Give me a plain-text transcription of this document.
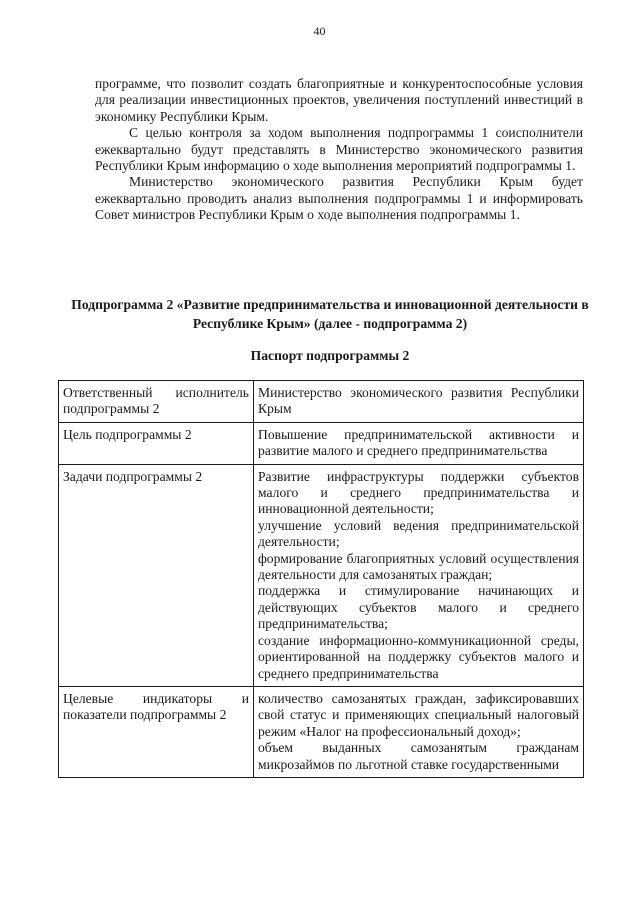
40

программе, что позволит создать благоприятные и конкурентоспособные условия для реализации инвестиционных проектов, увеличения поступлений инвестиций в экономику Республики Крым.

С целью контроля за ходом выполнения подпрограммы 1 соисполнители ежеквартально будут представлять в Министерство экономического развития Республики Крым информацию о ходе выполнения мероприятий подпрограммы 1.

Министерство экономического развития Республики Крым будет ежеквартально проводить анализ выполнения подпрограммы 1 и информировать Совет министров Республики Крым о ходе выполнения подпрограммы 1.

Подпрограмма 2 «Развитие предпринимательства и инновационной деятельности в Республике Крым» (далее - подпрограмма 2)
Паспорт подпрограммы 2
Ответственный исполнитель подпрограммы 2	Министерство экономического развития Республики Крым

Цель подпрограммы 2	Повышение предпринимательской активности и развитие малого и среднего предпринимательства

Задачи подпрограммы 2	Развитие инфраструктуры поддержки субъектов малого и среднего предпринимательства и инновационной деятельности;
улучшение условий ведения предпринимательской деятельности;
формирование благоприятных условий осуществления деятельности для самозанятых граждан;
поддержка и стимулирование начинающих и действующих субъектов малого и среднего предпринимательства;
создание информационно-коммуникационной среды, ориентированной на поддержку субъектов малого и среднего предпринимательства

Целевые индикаторы и показатели подпрограммы 2	количество самозанятых граждан, зафиксировавших свой статус и применяющих специальный налоговый режим «Налог на профессиональный доход»;
объем выданных самозанятым гражданам микрозаймов по льготной ставке государственными
